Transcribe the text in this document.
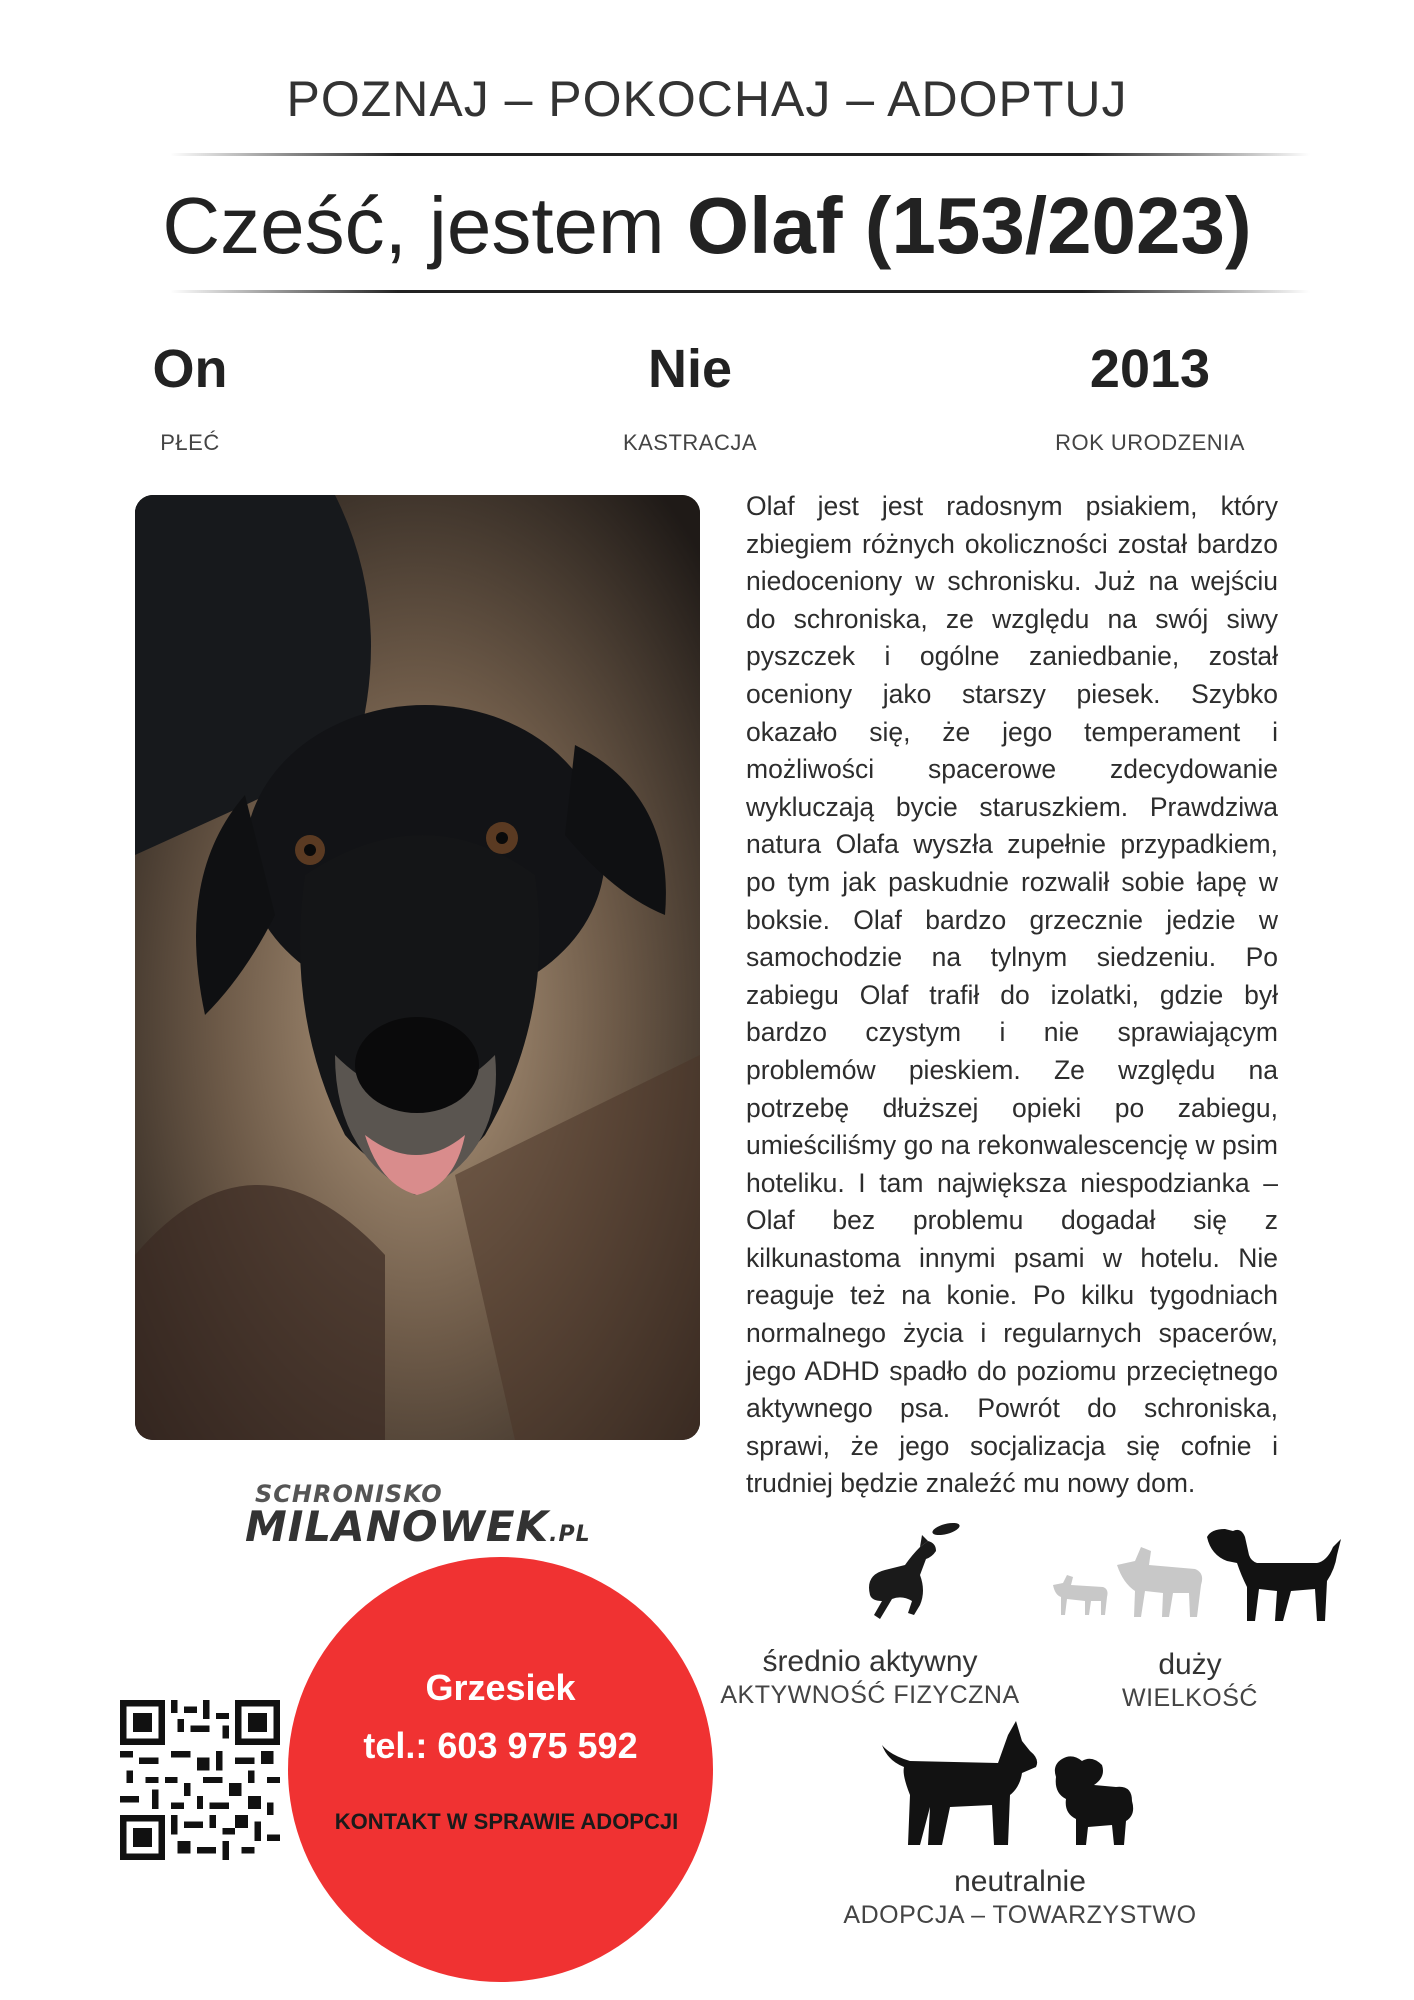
POZNAJ – POKOCHAJ – ADOPTUJ
Cześć, jestem Olaf (153/2023)
On
PŁEĆ
Nie
KASTRACJA
2013
ROK URODZENIA
Olaf jest jest radosnym psiakiem, który zbiegiem różnych okoliczności został bardzo niedoceniony w schronisku. Już na wejściu do schroniska, ze względu na swój siwy pyszczek i ogólne zaniedbanie, został oceniony jako starszy piesek. Szybko okazało się, że jego temperament i możliwości spacerowe zdecydowanie wykluczają bycie staruszkiem. Prawdziwa natura Olafa wyszła zupełnie przypadkiem, po tym jak paskudnie rozwalił sobie łapę w boksie. Olaf bardzo grzecznie jedzie w samochodzie na tylnym siedzeniu. Po zabiegu Olaf trafił do izolatki, gdzie był bardzo czystym i nie sprawiającym problemów pieskiem. Ze względu na potrzebę dłuższej opieki po zabiegu, umieściliśmy go na rekonwalescencję w psim hoteliku. I tam największa niespodzianka – Olaf bez problemu dogadał się z kilkunastoma innymi psami w hotelu. Nie reaguje też na konie. Po kilku tygodniach normalnego życia i regularnych spacerów, jego ADHD spadło do poziomu przeciętnego aktywnego psa. Powrót do schroniska, sprawi, że jego socjalizacja się cofnie i trudniej będzie znaleźć mu nowy dom.
SCHRONISKO
MILANOWEK.PL
Grzesiek
tel.: 603 975 592
KONTAKT W SPRAWIE ADOPCJI
średnio aktywny
AKTYWNOŚĆ FIZYCZNA
duży
WIELKOŚĆ
neutralnie
ADOPCJA – TOWARZYSTWO
